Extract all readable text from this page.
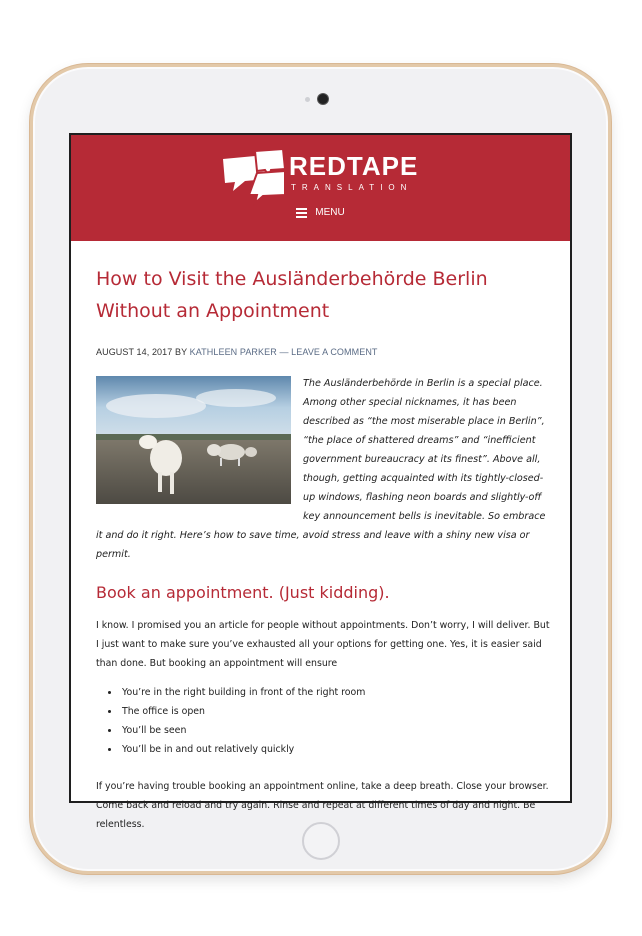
REDTAPE
TRANSLATION
MENU
How to Visit the Ausländerbehörde Berlin Without an Appointment
AUGUST 14, 2017 BY KATHLEEN PARKER — LEAVE A COMMENT

The Ausländerbehörde in Berlin is a special place. Among other special nicknames, it has been described as “the most miserable place in Berlin”, “the place of shattered dreams” and “inefficient government bureaucracy at its finest”. Above all, though, getting acquainted with its tightly-closed-up windows, flashing neon boards and slightly-off key announcement bells is inevitable. So embrace it and do it right. Here’s how to save time, avoid stress and leave with a shiny new visa or permit.

Book an appointment. (Just kidding).

I know. I promised you an article for people without appointments. Don’t worry, I will deliver. But I just want to make sure you’ve exhausted all your options for getting one. Yes, it is easier said than done. But booking an appointment will ensure

• You’re in the right building in front of the right room
• The office is open
• You’ll be seen
• You’ll be in and out relatively quickly

If you’re having trouble booking an appointment online, take a deep breath. Close your browser. Come back and reload and try again. Rinse and repeat at different times of day and night. Be relentless.
